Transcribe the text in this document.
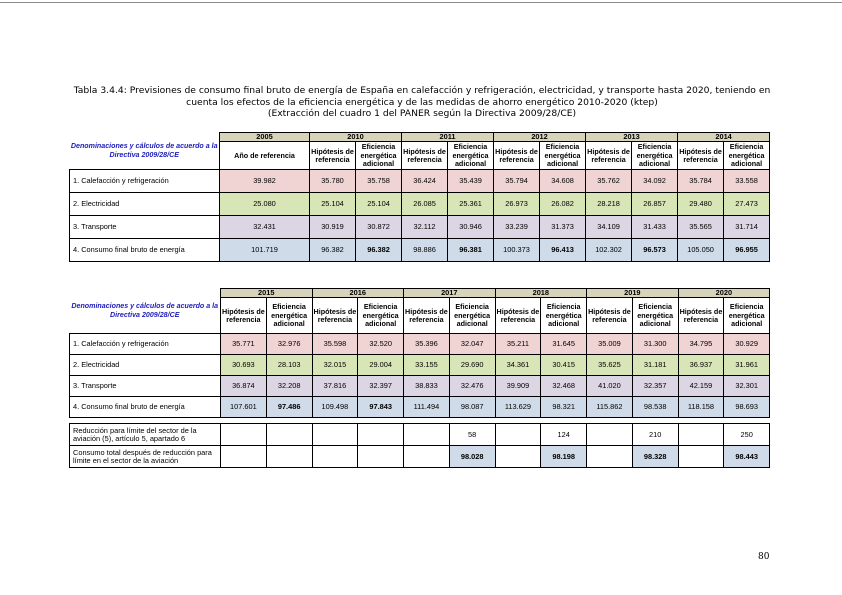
Tabla 3.4.4: Previsiones de consumo final bruto de energía de España en calefacción y refrigeración, electricidad, y transporte hasta 2020, teniendo en
cuenta los efectos de la eficiencia energética y de las medidas de ahorro energético 2010-2020 (ktep)
(Extracción del cuadro 1 del PANER según la Directiva 2009/28/CE)
Denominaciones y cálculos de acuerdo a la Directiva 2009/28/CE	2005	2010		2011		2012		2013		2014	
	Año de referencia	Hipótesis de referencia	Eficiencia energética adicional	Hipótesis de referencia	Eficiencia energética adicional	Hipótesis de referencia	Eficiencia energética adicional	Hipótesis de referencia	Eficiencia energética adicional	Hipótesis de referencia	Eficiencia energética adicional
1. Calefacción y refrigeración	39.982	35.780	35.758	36.424	35.439	35.794	34.608	35.762	34.092	35.784	33.558
2. Electricidad	25.080	25.104	25.104	26.085	25.361	26.973	26.082	28.218	26.857	29.480	27.473
3. Transporte	32.431	30.919	30.872	32.112	30.946	33.239	31.373	34.109	31.433	35.565	31.714
4. Consumo final bruto de energía	101.719	96.382	96.382	98.886	96.381	100.373	96.413	102.302	96.573	105.050	96.955
Denominaciones y cálculos de acuerdo a la Directiva 2009/28/CE	2015		2016		2017		2018		2019		2020	
	Hipótesis de referencia	Eficiencia energética adicional	Hipótesis de referencia	Eficiencia energética adicional	Hipótesis de referencia	Eficiencia energética adicional	Hipótesis de referencia	Eficiencia energética adicional	Hipótesis de referencia	Eficiencia energética adicional	Hipótesis de referencia	Eficiencia energética adicional
1. Calefacción y refrigeración	35.771	32.976	35.598	32.520	35.396	32.047	35.211	31.645	35.009	31.300	34.795	30.929
2. Electricidad	30.693	28.103	32.015	29.004	33.155	29.690	34.361	30.415	35.625	31.181	36.937	31.961
3. Transporte	36.874	32.208	37.816	32.397	38.833	32.476	39.909	32.468	41.020	32.357	42.159	32.301
4. Consumo final bruto de energía	107.601	97.486	109.498	97.843	111.494	98.087	113.629	98.321	115.862	98.538	118.158	98.693

Reducción para límite del sector de la aviación (5), artículo 5, apartado 6						58		124		210		250
Consumo total después de reducción para límite en el sector de la aviación						98.028		98.198		98.328		98.443
80
